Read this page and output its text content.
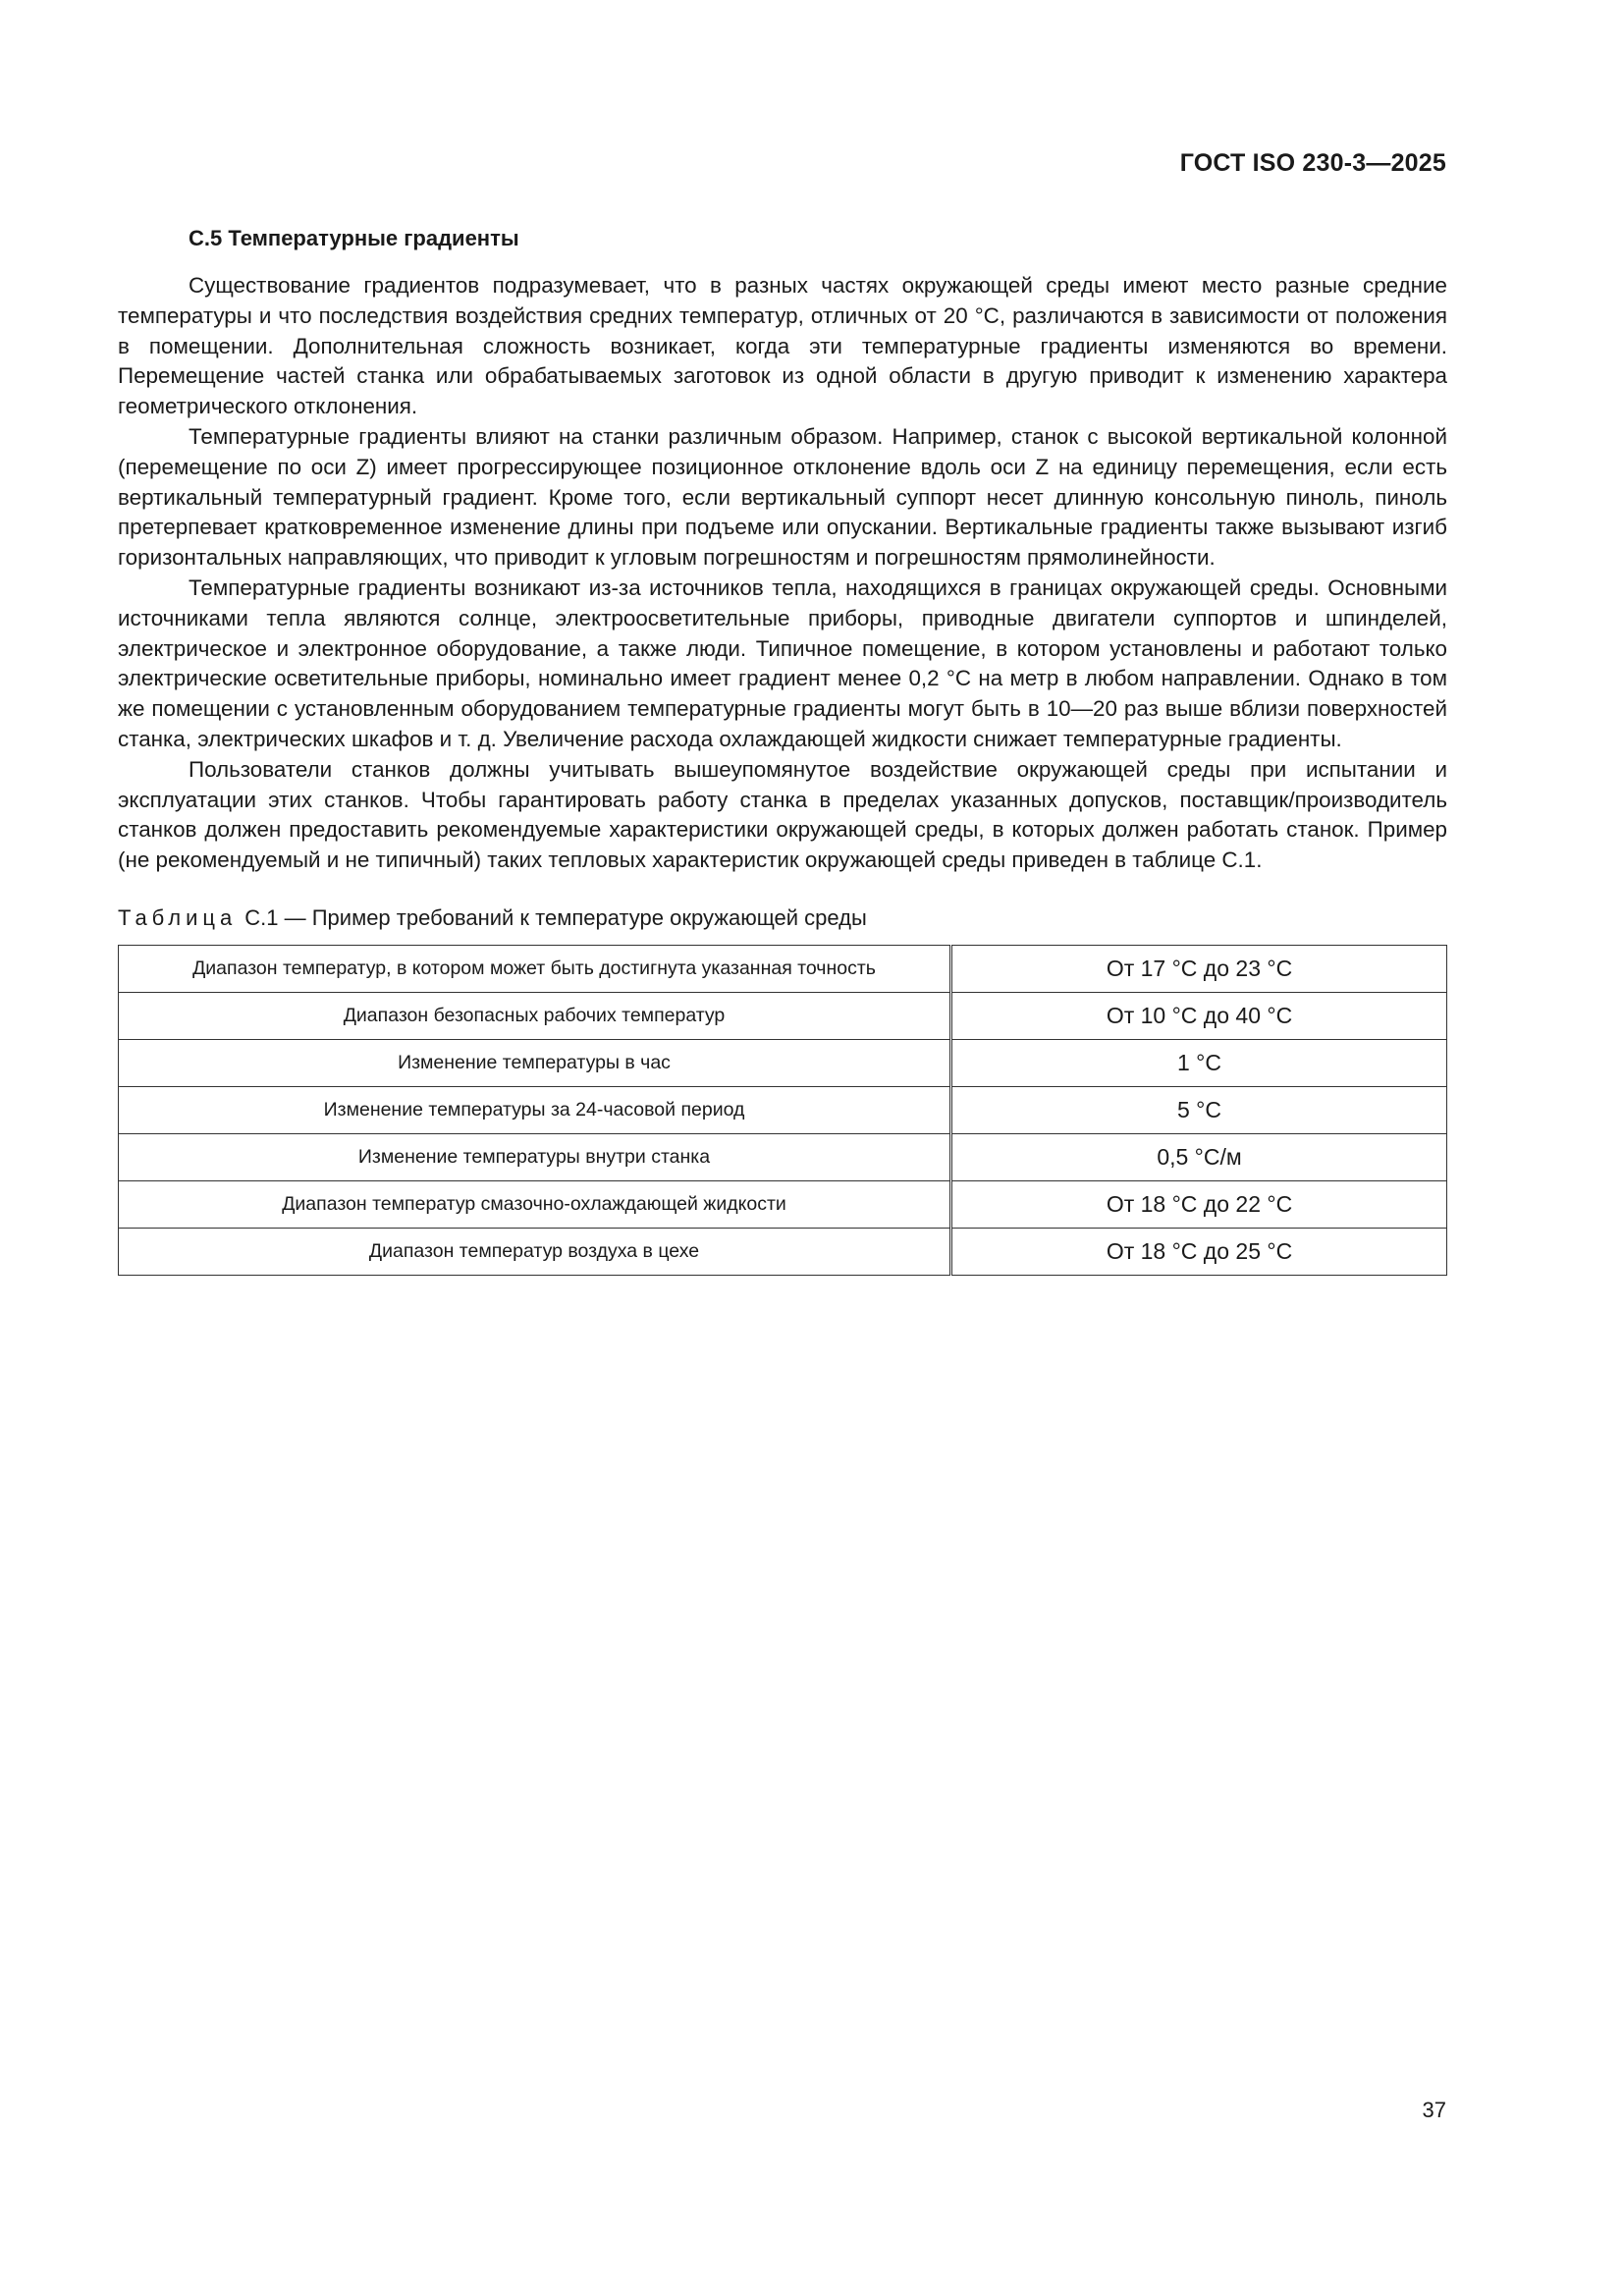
ГОСТ ISO 230-3—2025
C.5 Температурные градиенты

Существование градиентов подразумевает, что в разных частях окружающей среды имеют место разные средние температуры и что последствия воздействия средних температур, отличных от 20 °С, различаются в зависимости от положения в помещении. Дополнительная сложность возникает, когда эти температурные градиенты изменяются во времени. Перемещение частей станка или обрабатываемых заготовок из одной области в другую приводит к изменению характера геометрического отклонения.

Температурные градиенты влияют на станки различным образом. Например, станок с высокой вертикальной колонной (перемещение по оси Z) имеет прогрессирующее позиционное отклонение вдоль оси Z на единицу перемещения, если есть вертикальный температурный градиент. Кроме того, если вертикальный суппорт несет длинную консольную пиноль, пиноль претерпевает кратковременное изменение длины при подъеме или опускании. Вертикальные градиенты также вызывают изгиб горизонтальных направляющих, что приводит к угловым погрешностям и погрешностям прямолинейности.

Температурные градиенты возникают из-за источников тепла, находящихся в границах окружающей среды. Основными источниками тепла являются солнце, электроосветительные приборы, приводные двигатели суппортов и шпинделей, электрическое и электронное оборудование, а также люди. Типичное помещение, в котором установлены и работают только электрические осветительные приборы, номинально имеет градиент менее 0,2 °С на метр в любом направлении. Однако в том же помещении с установленным оборудованием температурные градиенты могут быть в 10—20 раз выше вблизи поверхностей станка, электрических шкафов и т. д. Увеличение расхода охлаждающей жидкости снижает температурные градиенты.

Пользователи станков должны учитывать вышеупомянутое воздействие окружающей среды при испытании и эксплуатации этих станков. Чтобы гарантировать работу станка в пределах указанных допусков, поставщик/производитель станков должен предоставить рекомендуемые характеристики окружающей среды, в которых должен работать станок. Пример (не рекомендуемый и не типичный) таких тепловых характеристик окружающей среды приведен в таблице С.1.

Таблица С.1 — Пример требований к температуре окружающей среды
Диапазон температур, в котором может быть достигнута указанная точность	От 17 °С до 23 °С
Диапазон безопасных рабочих температур	От 10 °С до 40 °С
Изменение температуры в час	1 °С
Изменение температуры за 24-часовой период	5 °С
Изменение температуры внутри станка	0,5 °С/м
Диапазон температур смазочно-охлаждающей жидкости	От 18 °С до 22 °С
Диапазон температур воздуха в цехе	От 18 °С до 25 °С
37
